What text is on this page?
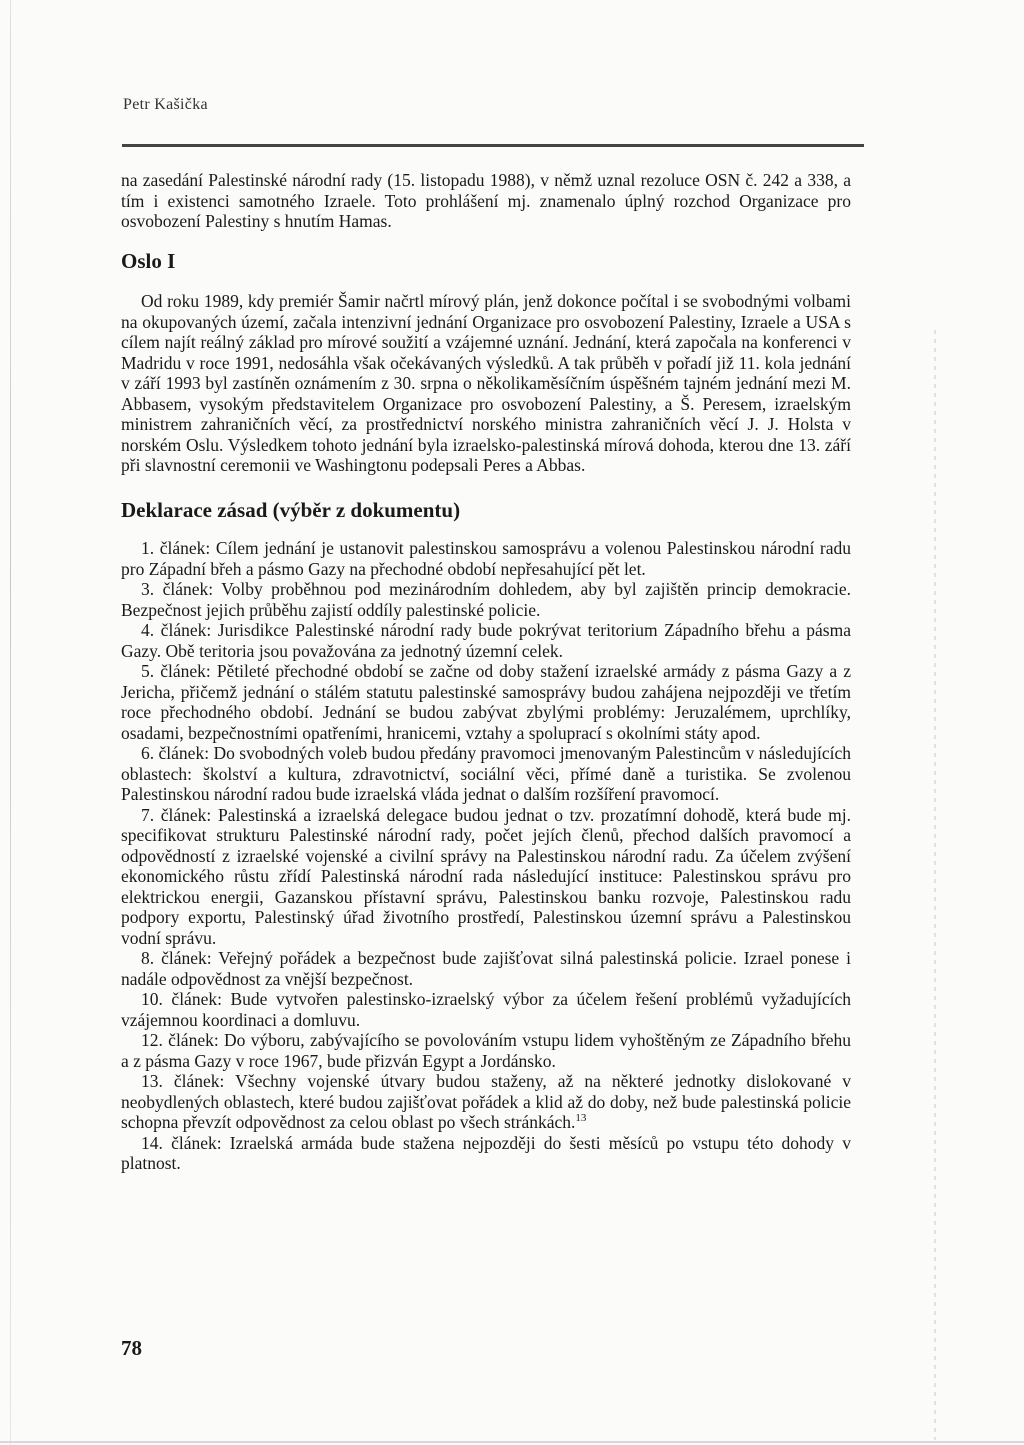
Petr Kašička

na zasedání Palestinské národní rady (15. listopadu 1988), v němž uznal rezoluce OSN č. 242 a 338, a tím i existenci samotného Izraele. Toto prohlášení mj. znamenalo úplný rozchod Organizace pro osvobození Palestiny s hnutím Hamas.

Oslo I

Od roku 1989, kdy premiér Šamir načrtl mírový plán, jenž dokonce počítal i se svobodnými volbami na okupovaných území, začala intenzivní jednání Organizace pro osvobození Palestiny, Izraele a USA s cílem najít reálný základ pro mírové soužití a vzájemné uznání. Jednání, která započala na konferenci v Madridu v roce 1991, nedosáhla však očekávaných výsledků. A tak průběh v pořadí již 11. kola jednání v září 1993 byl zastíněn oznámením z 30. srpna o několikaměsíčním úspěšném tajném jednání mezi M. Abbasem, vysokým představitelem Organizace pro osvobození Palestiny, a Š. Peresem, izraelským ministrem zahraničních věcí, za prostřednictví norského ministra zahraničních věcí J. J. Holsta v norském Oslu. Výsledkem tohoto jednání byla izraelsko-palestinská mírová dohoda, kterou dne 13. září při slavnostní ceremonii ve Washingtonu podepsali Peres a Abbas.

Deklarace zásad (výběr z dokumentu)

1. článek: Cílem jednání je ustanovit palestinskou samosprávu a volenou Palestinskou národní radu pro Západní břeh a pásmo Gazy na přechodné období nepřesahující pět let.

3. článek: Volby proběhnou pod mezinárodním dohledem, aby byl zajištěn princip demokracie. Bezpečnost jejich průběhu zajistí oddíly palestinské policie.

4. článek: Jurisdikce Palestinské národní rady bude pokrývat teritorium Západního břehu a pásma Gazy. Obě teritoria jsou považována za jednotný územní celek.

5. článek: Pětileté přechodné období se začne od doby stažení izraelské armády z pásma Gazy a z Jericha, přičemž jednání o stálém statutu palestinské samosprávy budou zahájena nejpozději ve třetím roce přechodného období. Jednání se budou zabývat zbylými problémy: Jeruzalémem, uprchlíky, osadami, bezpečnostními opatřeními, hranicemi, vztahy a spoluprací s okolními státy apod.

6. článek: Do svobodných voleb budou předány pravomoci jmenovaným Palestincům v následujících oblastech: školství a kultura, zdravotnictví, sociální věci, přímé daně a turistika. Se zvolenou Palestinskou národní radou bude izraelská vláda jednat o dalším rozšíření pravomocí.

7. článek: Palestinská a izraelská delegace budou jednat o tzv. prozatímní dohodě, která bude mj. specifikovat strukturu Palestinské národní rady, počet jejích členů, přechod dalších pravomocí a odpovědností z izraelské vojenské a civilní správy na Palestinskou národní radu. Za účelem zvýšení ekonomického růstu zřídí Palestinská národní rada následující instituce: Palestinskou správu pro elektrickou energii, Gazanskou přístavní správu, Palestinskou banku rozvoje, Palestinskou radu podpory exportu, Palestinský úřad životního prostředí, Palestinskou územní správu a Palestinskou vodní správu.

8. článek: Veřejný pořádek a bezpečnost bude zajišťovat silná palestinská policie. Izrael ponese i nadále odpovědnost za vnější bezpečnost.

10. článek: Bude vytvořen palestinsko-izraelský výbor za účelem řešení problémů vyžadujících vzájemnou koordinaci a domluvu.

12. článek: Do výboru, zabývajícího se povolováním vstupu lidem vyhoštěným ze Západního břehu a z pásma Gazy v roce 1967, bude přizván Egypt a Jordánsko.

13. článek: Všechny vojenské útvary budou staženy, až na některé jednotky dislokované v neobydlených oblastech, které budou zajišťovat pořádek a klid až do doby, než bude palestinská policie schopna převzít odpovědnost za celou oblast po všech stránkách.$^{13}$

14. článek: Izraelská armáda bude stažena nejpozději do šesti měsíců po vstupu této dohody v platnost.

78
